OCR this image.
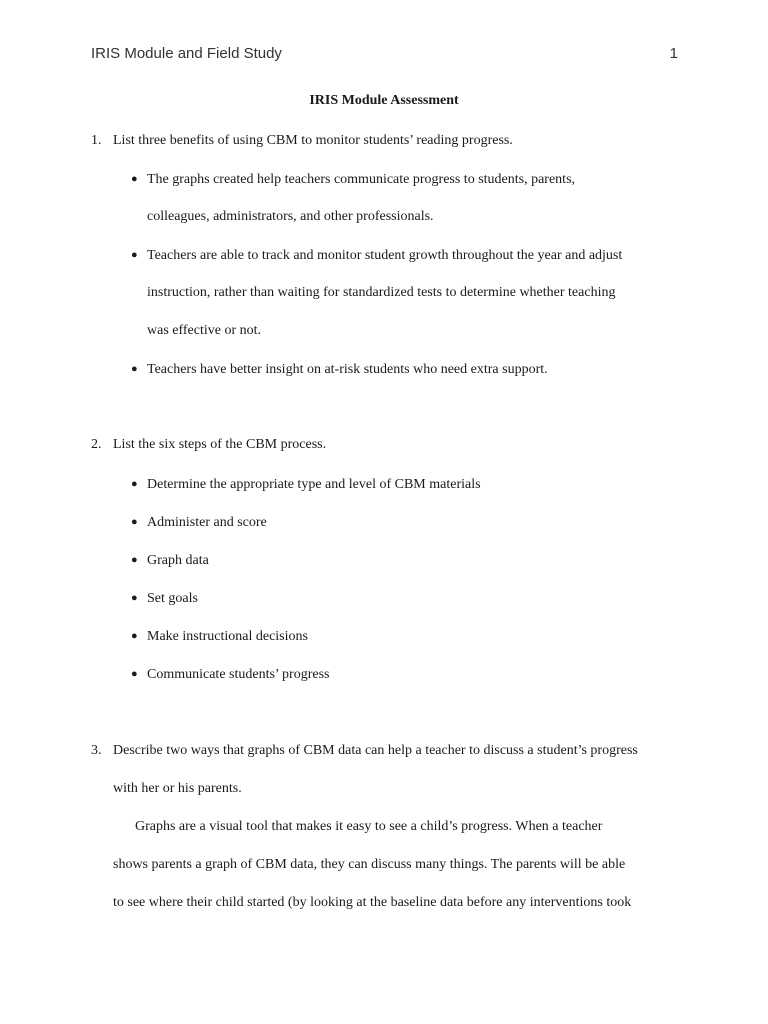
IRIS Module and Field Study	1
IRIS Module Assessment
1. List three benefits of using CBM to monitor students’ reading progress.
● The graphs created help teachers communicate progress to students, parents,
colleagues, administrators, and other professionals.
● Teachers are able to track and monitor student growth throughout the year and adjust
instruction, rather than waiting for standardized tests to determine whether teaching
was effective or not.
● Teachers have better insight on at-risk students who need extra support.
2. List the six steps of the CBM process.
● Determine the appropriate type and level of CBM materials
● Administer and score
● Graph data
● Set goals
● Make instructional decisions
● Communicate students’ progress
3. Describe two ways that graphs of CBM data can help a teacher to discuss a student’s progress
with her or his parents.
Graphs are a visual tool that makes it easy to see a child’s progress. When a teacher
shows parents a graph of CBM data, they can discuss many things. The parents will be able
to see where their child started (by looking at the baseline data before any interventions took
